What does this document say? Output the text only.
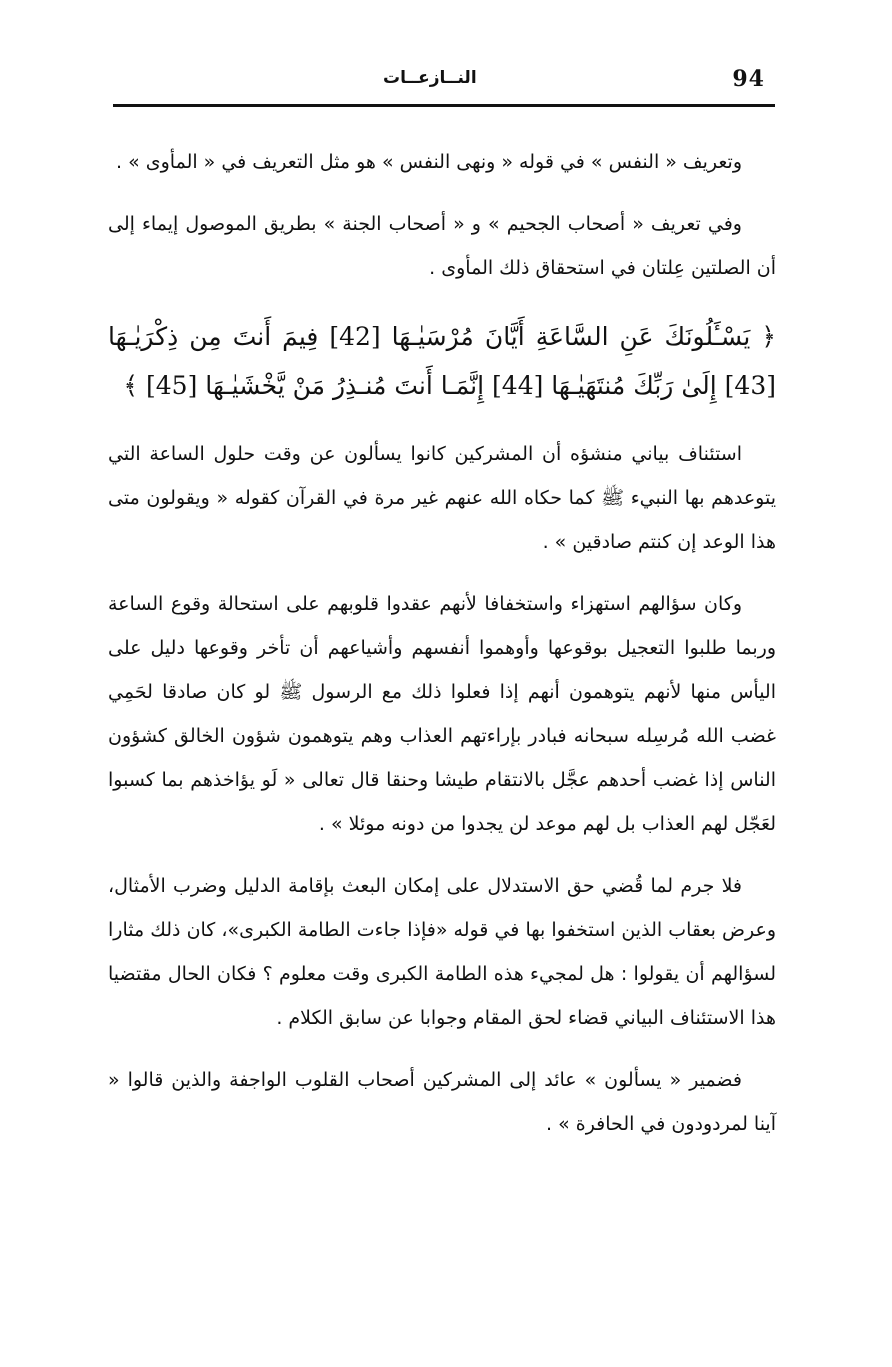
94
النــازعــات

وتعريف « النفس » في قوله « ونهى النفس » هو مثل التعريف في « المأوى » .

وفي تعريف « أصحاب الجحيم » و « أصحاب الجنة » بطريق الموصول إيماء إلى أن الصلتين عِلتان في استحقاق ذلك المأوى .

﴿ يَسْـَٔلُونَكَ عَنِ السَّاعَةِ أَيَّانَ مُرْسَيٰـهَا [42] فِيمَ أَنتَ مِن ذِكْرَيٰـهَا [43] إِلَىٰ رَبِّكَ مُنتَهَيٰـهَا [44] إِنَّمَـا أَنتَ مُنـذِرُ مَنْ يَّخْشَيٰـهَا [45] ﴾

استئناف بياني منشؤه أن المشركين كانوا يسألون عن وقت حلول الساعة التي يتوعدهم بها النبيء ﷺ كما حكاه الله عنهم غير مرة في القرآن كقوله « ويقولون متى هذا الوعد إن كنتم صادقين » .

وكان سؤالهم استهزاء واستخفافا لأنهم عقدوا قلوبهم على استحالة وقوع الساعة وربما طلبوا التعجيل بوقوعها وأوهموا أنفسهم وأشياعهم أن تأخر وقوعها دليل على اليأس منها لأنهم يتوهمون أنهم إذا فعلوا ذلك مع الرسول ﷺ لو كان صادقا لحَمِي غضب الله مُرسِله سبحانه فبادر بإراءتهم العذاب وهم يتوهمون شؤون الخالق كشؤون الناس إذا غضب أحدهم عجَّل بالانتقام طيشا وحنقا قال تعالى « لَو يؤاخذهم بما كسبوا لعَجّل لهم العذاب بل لهم موعد لن يجدوا من دونه موئلا » .

فلا جرم لما قُضي حق الاستدلال على إمكان البعث بإقامة الدليل وضرب الأمثال، وعرض بعقاب الذين استخفوا بها في قوله «فإذا جاءت الطامة الكبرى»، كان ذلك مثارا لسؤالهم أن يقولوا : هل لمجيء هذه الطامة الكبرى وقت معلوم ؟ فكان الحال مقتضيا هذا الاستئناف البياني قضاء لحق المقام وجوابا عن سابق الكلام .

فضمير « يسألون » عائد إلى المشركين أصحاب القلوب الواجفة والذين قالوا « آينا لمردودون في الحافرة » .
